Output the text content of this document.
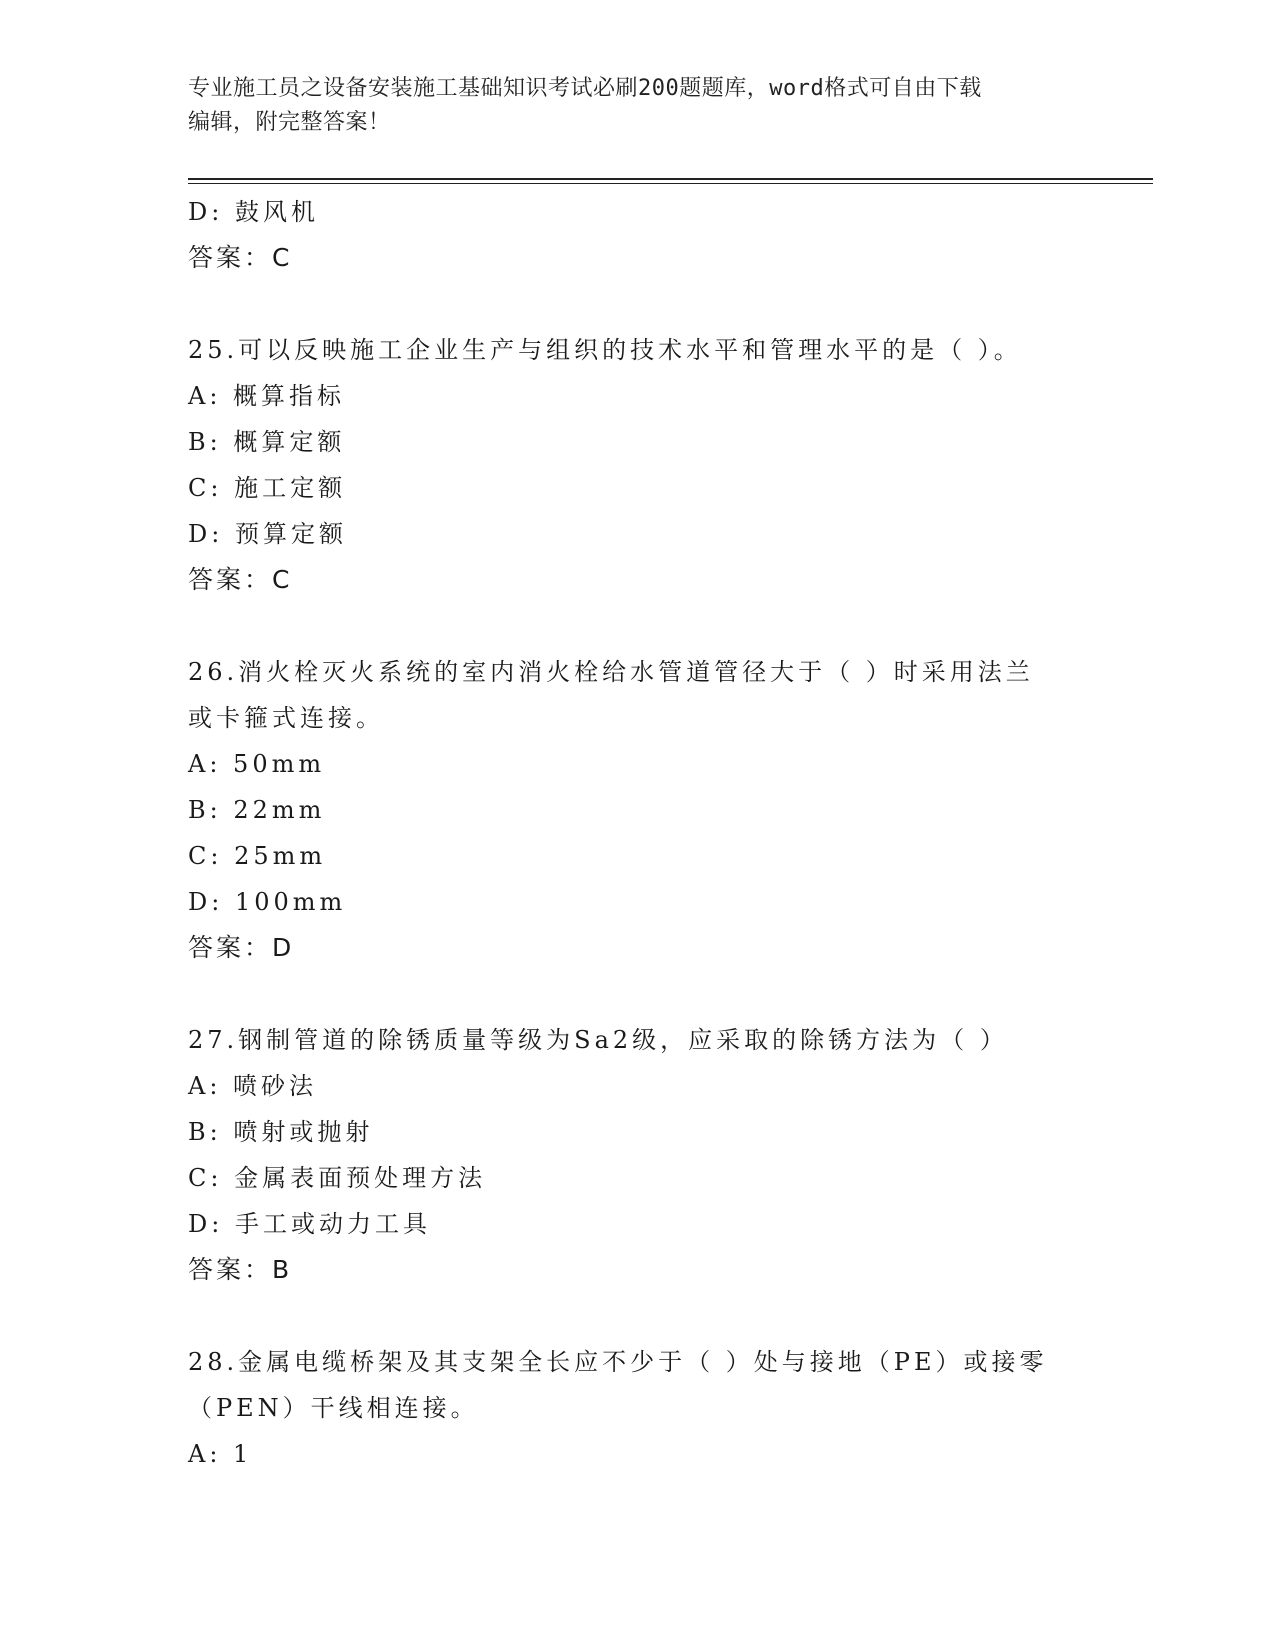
专业施工员之设备安装施工基础知识考试必刷200题题库，word格式可自由下载
编辑，附完整答案！
D: 鼓风机
答案：C
25.可以反映施工企业生产与组织的技术水平和管理水平的是（ ）。
A: 概算指标
B: 概算定额
C: 施工定额
D: 预算定额
答案：C
26.消火栓灭火系统的室内消火栓给水管道管径大于（ ）时采用法兰
或卡箍式连接。
A: 50mm
B: 22mm
C: 25mm
D: 100mm
答案：D
27.钢制管道的除锈质量等级为Sa2级，应采取的除锈方法为（ ）
A: 喷砂法
B: 喷射或抛射
C: 金属表面预处理方法
D: 手工或动力工具
答案：B
28.金属电缆桥架及其支架全长应不少于（ ）处与接地（PE）或接零
（PEN）干线相连接。
A: 1
